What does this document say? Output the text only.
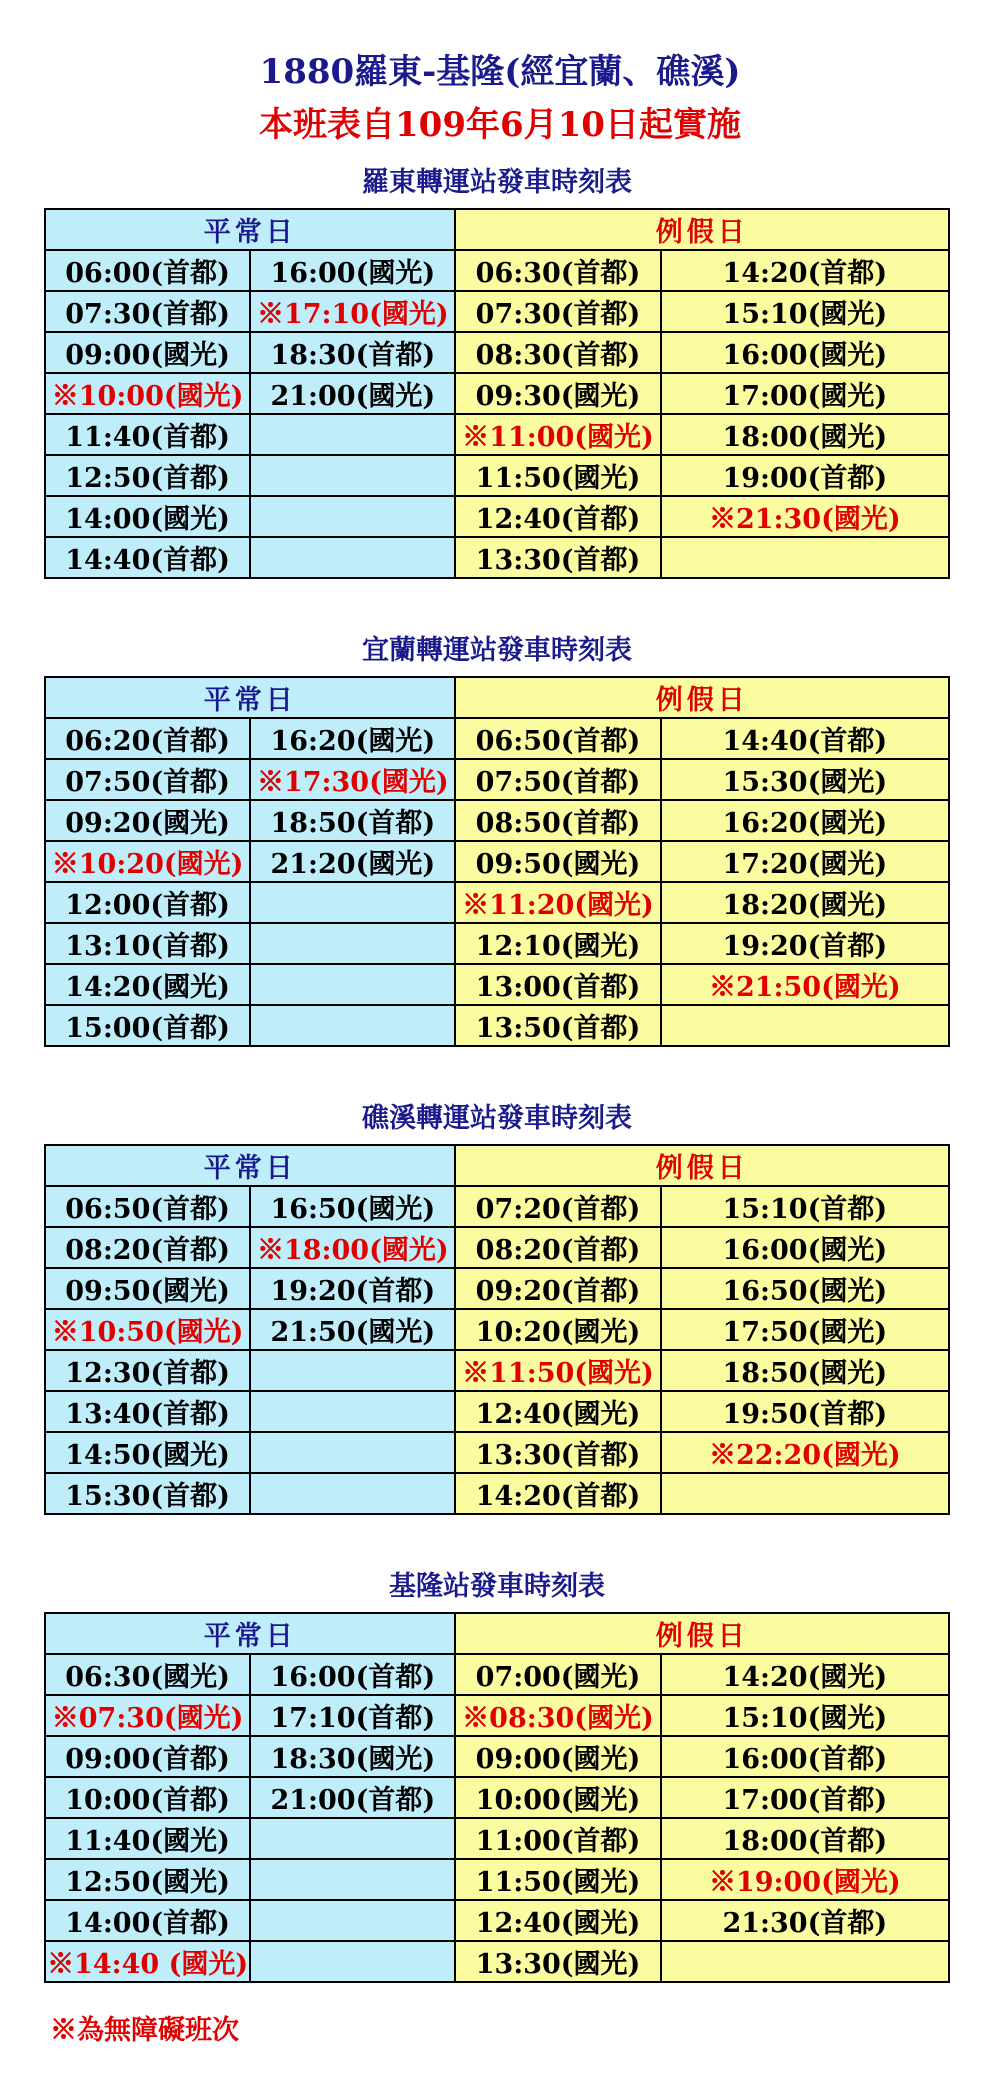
1880羅東-基隆(經宜蘭、礁溪)
本班表自109年6月10日起實施
羅東轉運站發車時刻表
平常日		例假日	
06:00(首都)	16:00(國光)	06:30(首都)	14:20(首都)
07:30(首都)	※17:10(國光)	07:30(首都)	15:10(國光)
09:00(國光)	18:30(首都)	08:30(首都)	16:00(國光)
※10:00(國光)	21:00(國光)	09:30(國光)	17:00(國光)
11:40(首都)		※11:00(國光)	18:00(國光)
12:50(首都)		11:50(國光)	19:00(首都)
14:00(國光)		12:40(首都)	※21:30(國光)
14:40(首都)		13:30(首都)	
宜蘭轉運站發車時刻表
平常日		例假日	
06:20(首都)	16:20(國光)	06:50(首都)	14:40(首都)
07:50(首都)	※17:30(國光)	07:50(首都)	15:30(國光)
09:20(國光)	18:50(首都)	08:50(首都)	16:20(國光)
※10:20(國光)	21:20(國光)	09:50(國光)	17:20(國光)
12:00(首都)		※11:20(國光)	18:20(國光)
13:10(首都)		12:10(國光)	19:20(首都)
14:20(國光)		13:00(首都)	※21:50(國光)
15:00(首都)		13:50(首都)	
礁溪轉運站發車時刻表
平常日		例假日	
06:50(首都)	16:50(國光)	07:20(首都)	15:10(首都)
08:20(首都)	※18:00(國光)	08:20(首都)	16:00(國光)
09:50(國光)	19:20(首都)	09:20(首都)	16:50(國光)
※10:50(國光)	21:50(國光)	10:20(國光)	17:50(國光)
12:30(首都)		※11:50(國光)	18:50(國光)
13:40(首都)		12:40(國光)	19:50(首都)
14:50(國光)		13:30(首都)	※22:20(國光)
15:30(首都)		14:20(首都)	
基隆站發車時刻表
平常日		例假日	
06:30(國光)	16:00(首都)	07:00(國光)	14:20(國光)
※07:30(國光)	17:10(首都)	※08:30(國光)	15:10(國光)
09:00(首都)	18:30(國光)	09:00(國光)	16:00(首都)
10:00(首都)	21:00(首都)	10:00(國光)	17:00(首都)
11:40(國光)		11:00(首都)	18:00(首都)
12:50(國光)		11:50(國光)	※19:00(國光)
14:00(首都)		12:40(國光)	21:30(首都)
※14:40 (國光)		13:30(國光)	

※為無障礙班次
